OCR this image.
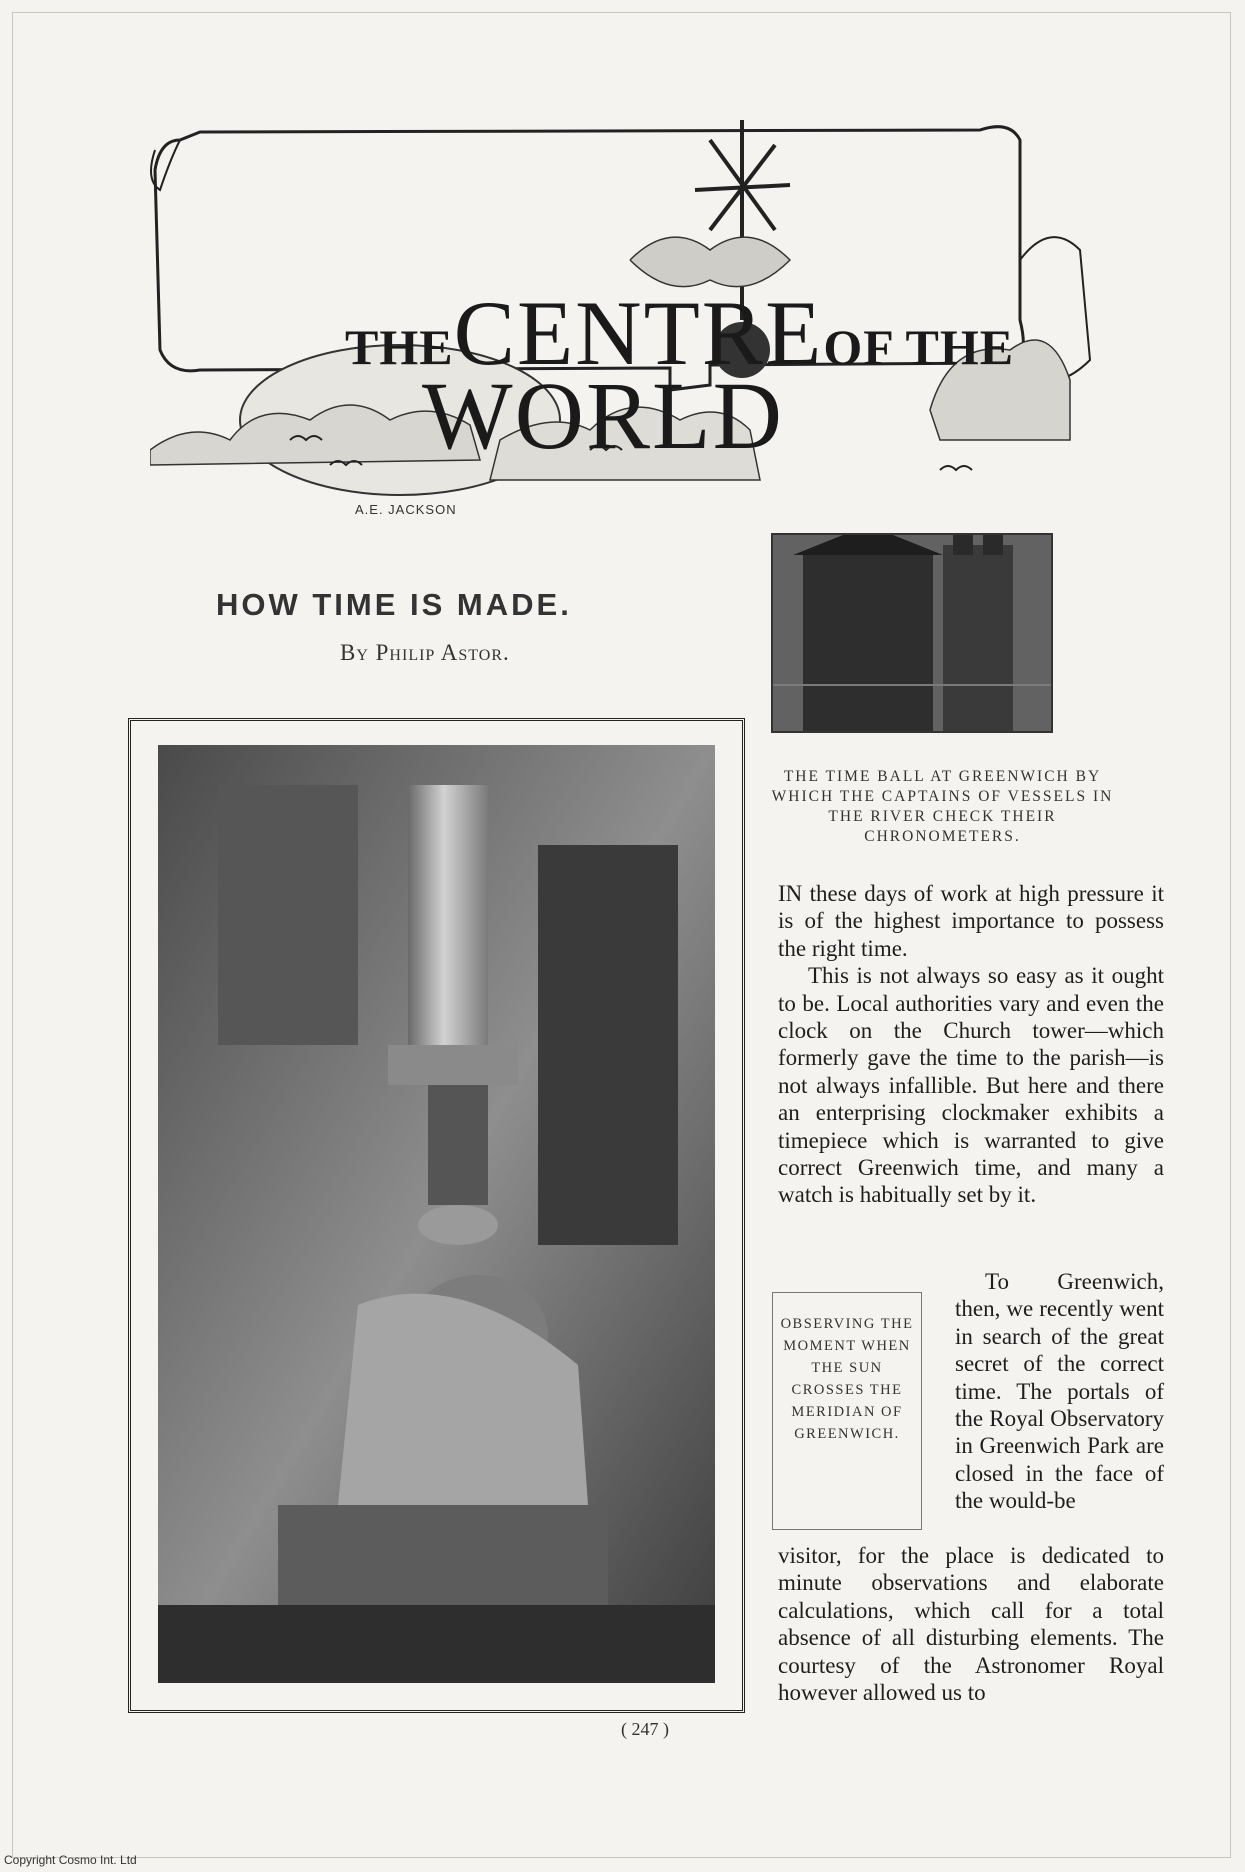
THECENTREOF THE
WORLD
A.E. JACKSON
HOW TIME IS MADE.
By Philip Astor.
THE TIME BALL AT GREENWICH BY WHICH THE CAPTAINS OF VESSELS IN THE RIVER CHECK THEIR CHRONOMETERS.

IN these days of work at high pressure it is of the highest importance to possess the right time.

This is not always so easy as it ought to be. Local authorities vary and even the clock on the Church tower—which formerly gave the time to the parish—is not always infallible. But here and there an enterprising clockmaker exhibits a timepiece which is warranted to give correct Greenwich time, and many a watch is habitually set by it.

OBSERVING THE MOMENT WHEN THE SUN CROSSES THE MERIDIAN OF GREENWICH.

To Greenwich, then, we recently went in search of the great secret of the correct time. The portals of the Royal Observatory in Greenwich Park are closed in the face of the would-be

visitor, for the place is dedicated to minute observations and elaborate calculations, which call for a total absence of all disturbing elements. The courtesy of the Astronomer Royal however allowed us to

( 247 )
Copyright Cosmo Int. Ltd
